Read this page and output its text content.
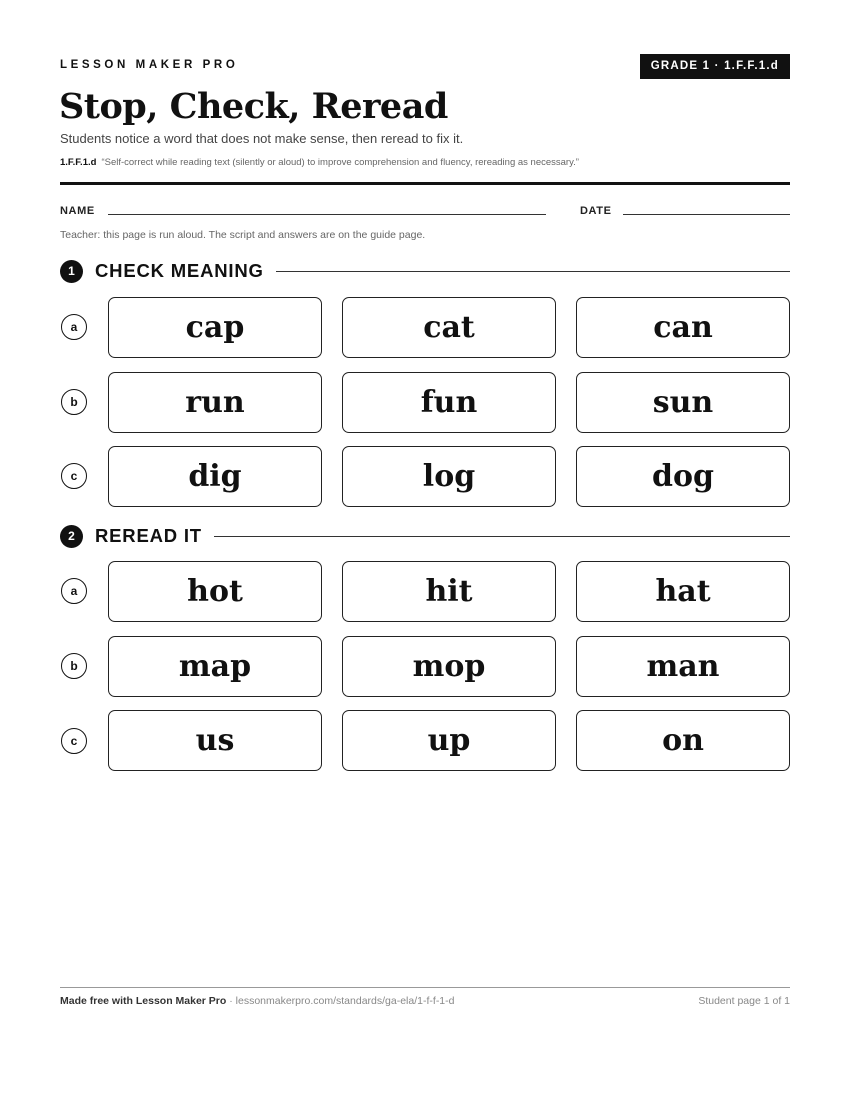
LESSON MAKER PRO	GRADE 1 · 1.F.F.1.d
Stop, Check, Reread
Students notice a word that does not make sense, then reread to fix it.
1.F.F.1.d “Self-correct while reading text (silently or aloud) to improve comprehension and fluency, rereading as necessary.”
NAME	DATE
Teacher: this page is run aloud. The script and answers are on the guide page.
1	CHECK MEANING
a	cap	cat	can
b	run	fun	sun
c	dig	log	dog
2	REREAD IT
a	hot	hit	hat
b	map	mop	man
c	us	up	on
Made free with Lesson Maker Pro · lessonmakerpro.com/standards/ga-ela/1-f-f-1-d	Student page 1 of 1
